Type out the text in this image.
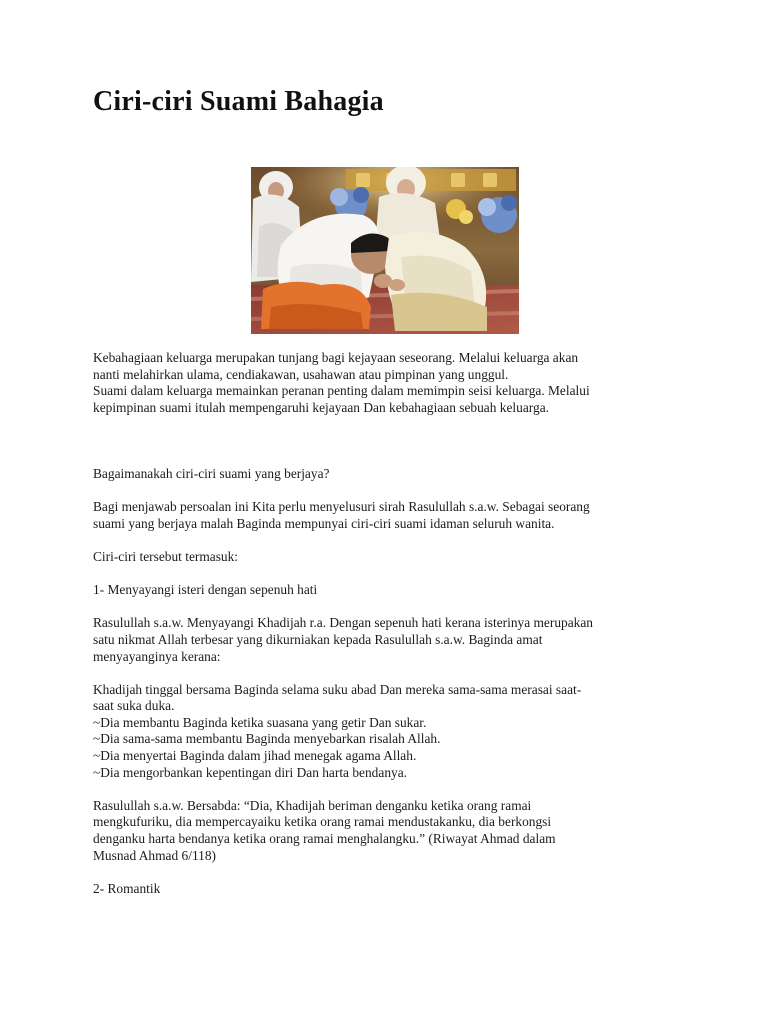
Ciri-ciri Suami Bahagia
Kebahagiaan keluarga merupakan tunjang bagi kejayaan seseorang. Melalui keluarga akan
nanti melahirkan ulama, cendiakawan, usahawan atau pimpinan yang unggul.
Suami dalam keluarga memainkan peranan penting dalam memimpin seisi keluarga. Melalui
kepimpinan suami itulah mempengaruhi kejayaan Dan kebahagiaan sebuah keluarga.
Bagaimanakah ciri-ciri suami yang berjaya?
Bagi menjawab persoalan ini Kita perlu menyelusuri sirah Rasulullah s.a.w. Sebagai seorang
suami yang berjaya malah Baginda mempunyai ciri-ciri suami idaman seluruh wanita.
Ciri-ciri tersebut termasuk:
1- Menyayangi isteri dengan sepenuh hati
Rasulullah s.a.w. Menyayangi Khadijah r.a. Dengan sepenuh hati kerana isterinya merupakan
satu nikmat Allah terbesar yang dikurniakan kepada Rasulullah s.a.w. Baginda amat
menyayanginya kerana:
Khadijah tinggal bersama Baginda selama suku abad Dan mereka sama-sama merasai saat-
saat suka duka.
~Dia membantu Baginda ketika suasana yang getir Dan sukar.
~Dia sama-sama membantu Baginda menyebarkan risalah Allah.
~Dia menyertai Baginda dalam jihad menegak agama Allah.
~Dia mengorbankan kepentingan diri Dan harta bendanya.
Rasulullah s.a.w. Bersabda: “Dia, Khadijah beriman denganku ketika orang ramai
mengkufuriku, dia mempercayaiku ketika orang ramai mendustakanku, dia berkongsi
denganku harta bendanya ketika orang ramai menghalangku.” (Riwayat Ahmad dalam
Musnad Ahmad 6/118)
2- Romantik
